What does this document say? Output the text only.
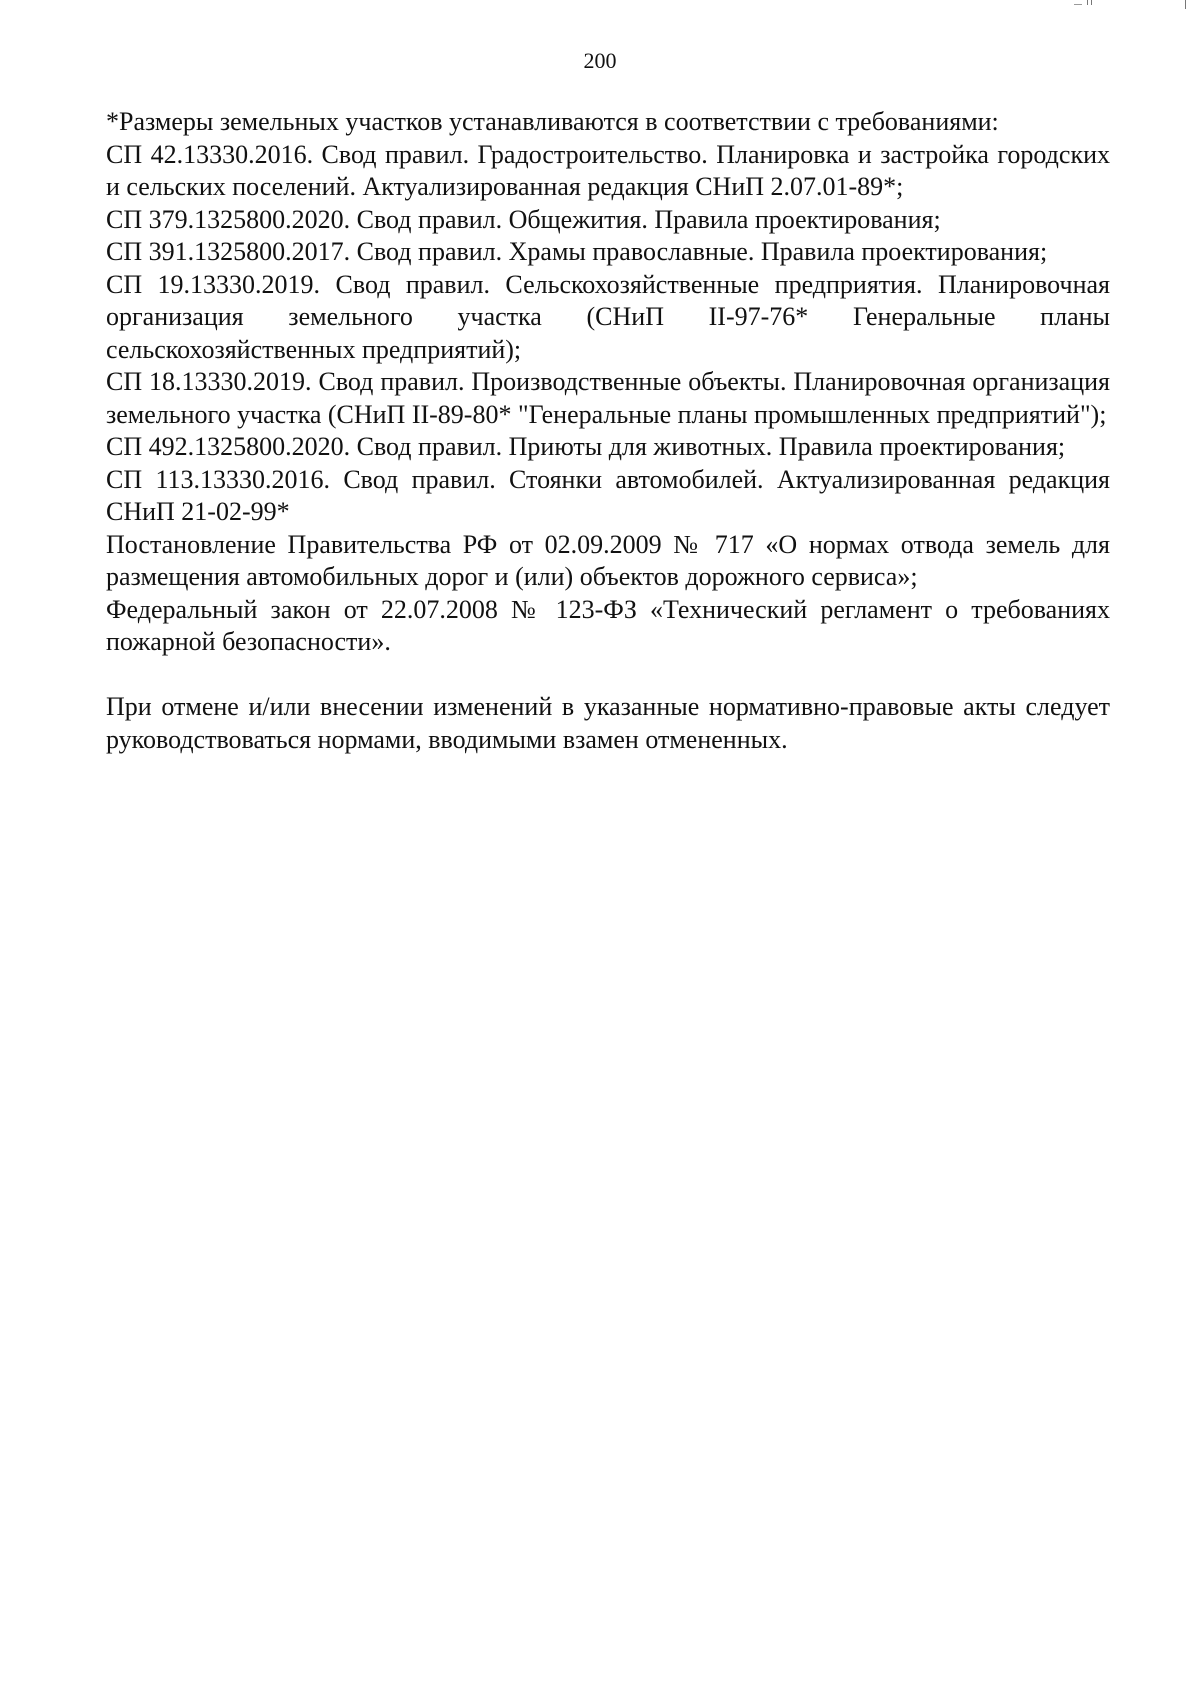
200

*Размеры земельных участков устанавливаются в соответствии с требованиями:

СП 42.13330.2016. Свод правил. Градостроительство. Планировка и застройка городских и сельских поселений. Актуализированная редакция СНиП 2.07.01-89*;

СП 379.1325800.2020. Свод правил. Общежития. Правила проектирования;

СП 391.1325800.2017. Свод правил. Храмы православные. Правила проектирования;

СП 19.13330.2019. Свод правил. Сельскохозяйственные предприятия. Планировочная организация земельного участка (СНиП II-97-76* Генеральные планы сельскохозяйственных предприятий);

СП 18.13330.2019. Свод правил. Производственные объекты. Планировочная организация земельного участка (СНиП II-89-80* "Генеральные планы промышленных предприятий");

СП 492.1325800.2020. Свод правил. Приюты для животных. Правила проектирования;

СП 113.13330.2016. Свод правил. Стоянки автомобилей. Актуализированная редакция СНиП 21-02-99*

Постановление Правительства РФ от 02.09.2009 № 717 «О нормах отвода земель для размещения автомобильных дорог и (или) объектов дорожного сервиса»;

Федеральный закон от 22.07.2008 № 123-ФЗ «Технический регламент о требованиях пожарной безопасности».

При отмене и/или внесении изменений в указанные нормативно-правовые акты следует руководствоваться нормами, вводимыми взамен отмененных.
